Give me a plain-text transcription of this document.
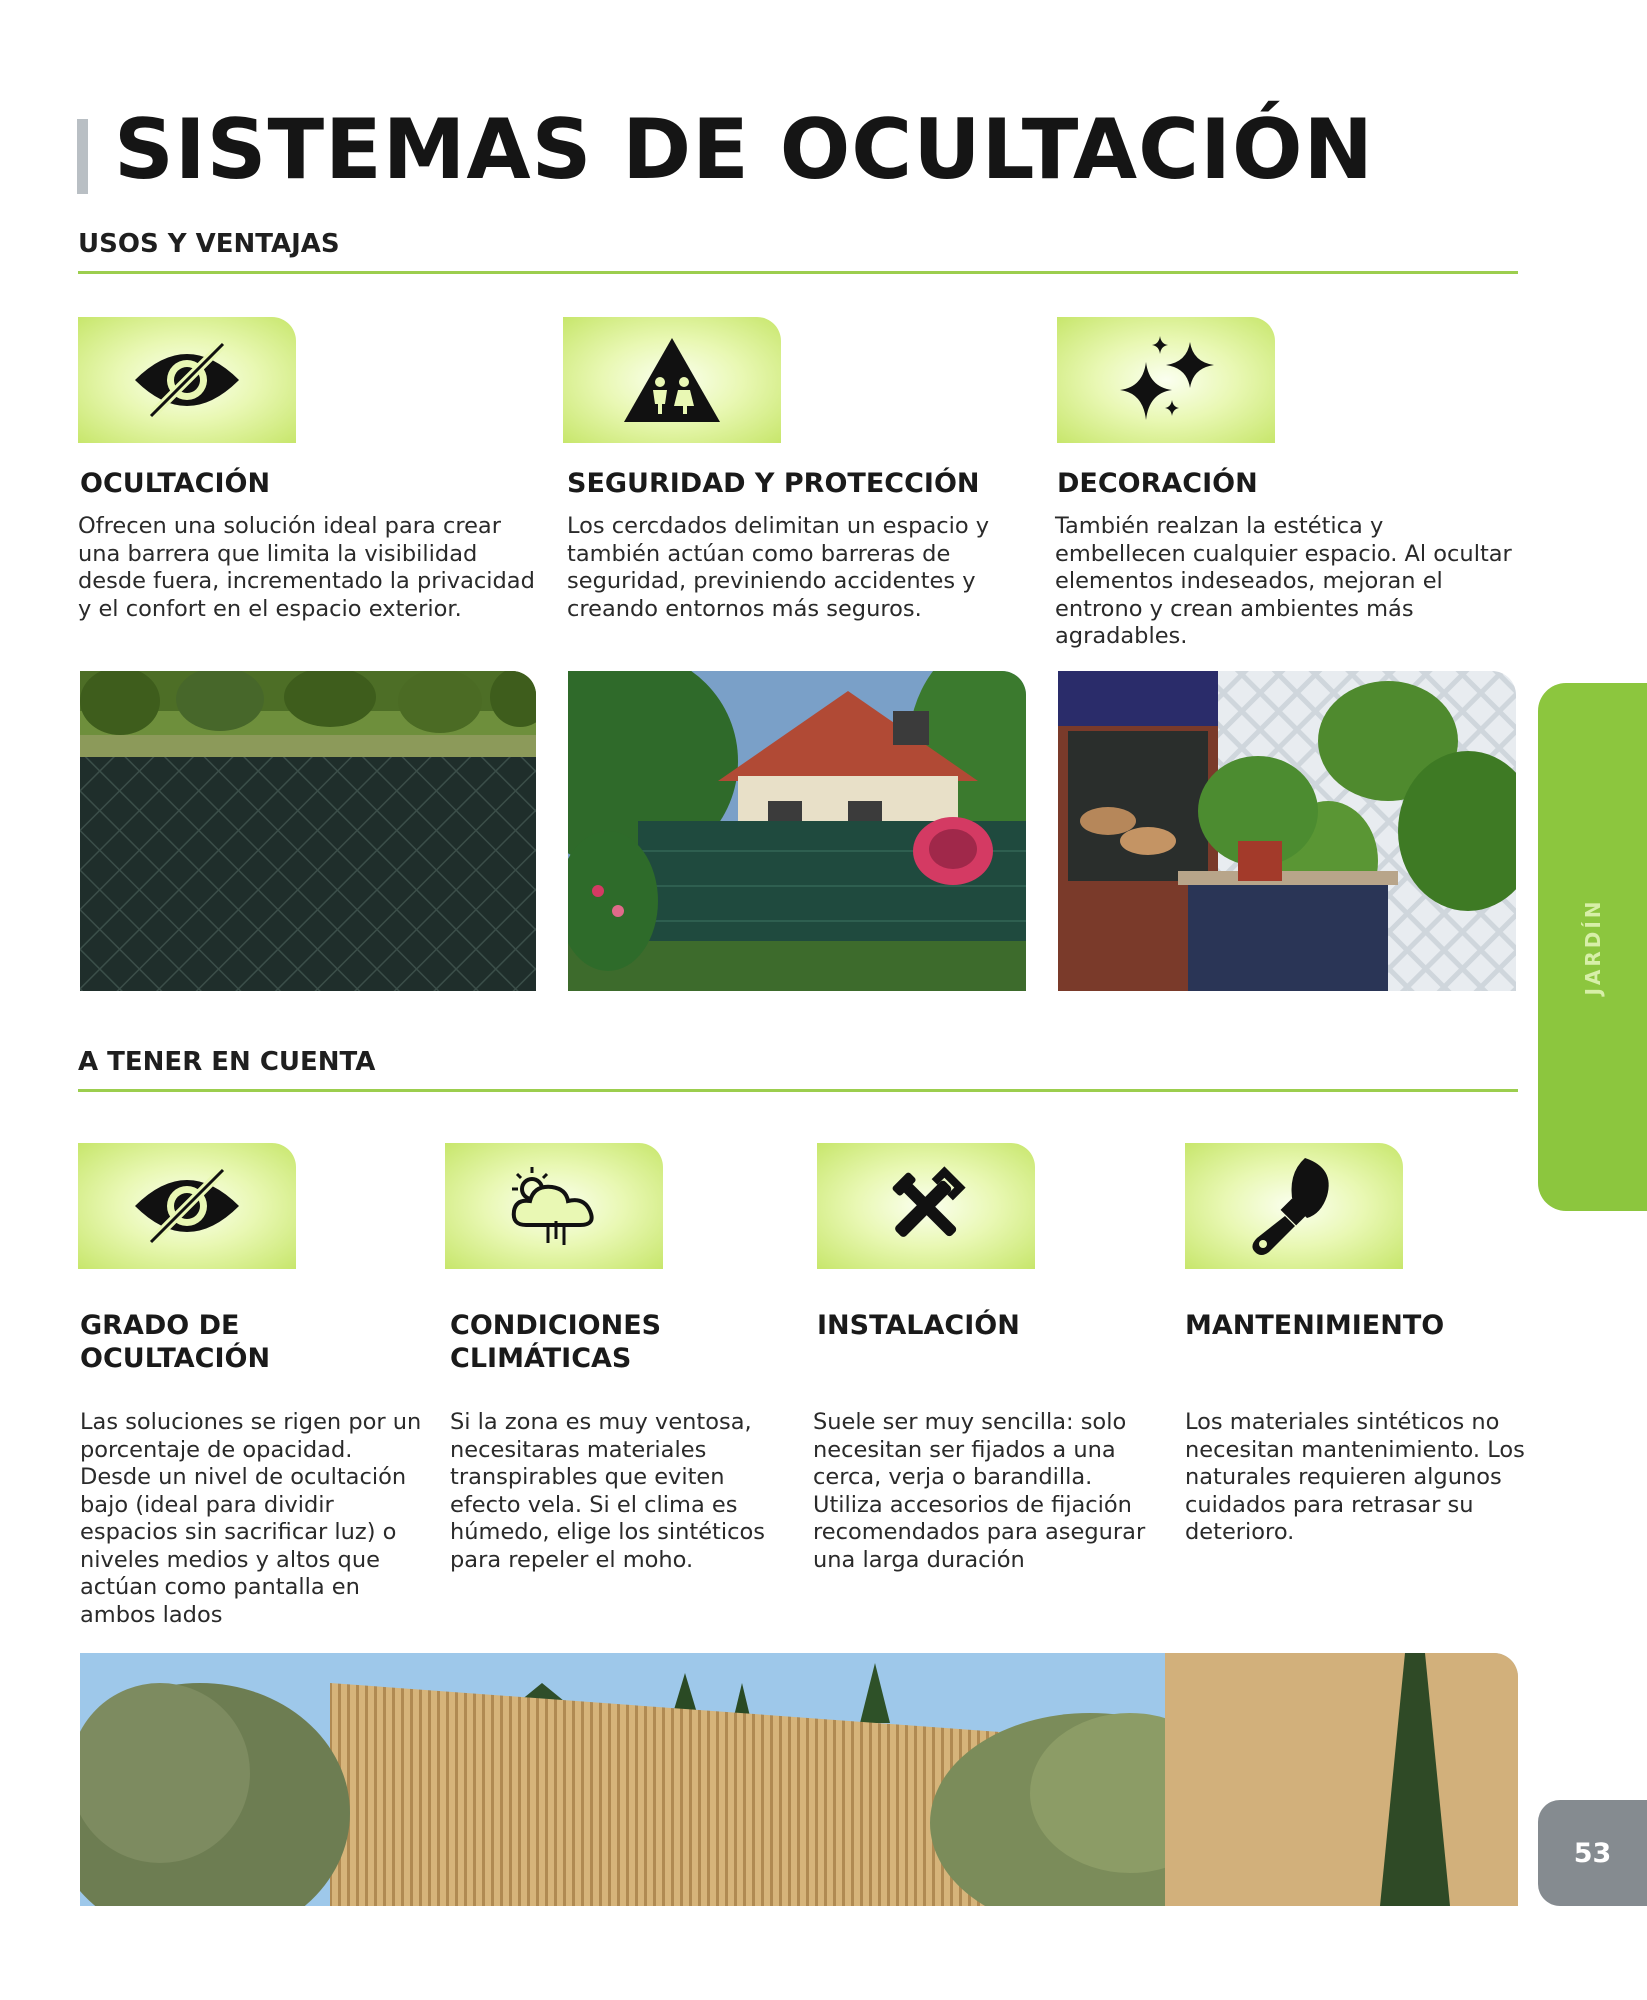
SISTEMAS DE OCULTACIÓN
USOS Y VENTAJAS
OCULTACIÓN

Ofrecen una solución ideal para crear una barrera que limita la visibilidad desde fuera, incrementado la privacidad y el confort en el espacio exterior.

SEGURIDAD Y PROTECCIÓN

Los cercdados delimitan un espacio y también actúan como barreras de seguridad, previniendo accidentes y creando entornos más seguros.

DECORACIÓN

También realzan la estética y embellecen cualquier espacio. Al ocultar elementos indeseados, mejoran el entrono y crean ambientes más agradables.

A TENER EN CUENTA
GRADO DE OCULTACIÓN

Las soluciones se rigen por un porcentaje de opacidad. Desde un nivel de ocultación bajo (ideal para dividir espacios sin sacrificar luz) o niveles medios y altos que actúan como pantalla en ambos lados

CONDICIONES CLIMÁTICAS

Si la zona es muy ventosa, necesitaras materiales transpirables que eviten efecto vela. Si el clima es húmedo, elige los sintéticos para repeler el moho.

INSTALACIÓN

Suele ser muy sencilla: solo necesitan ser fijados a una cerca, verja o barandilla. Utiliza accesorios de fijación recomendados para asegurar una larga duración

MANTENIMIENTO

Los materiales sintéticos no necesitan mantenimiento. Los naturales requieren algunos cuidados para retrasar su deterioro.

JARDÍN
53
